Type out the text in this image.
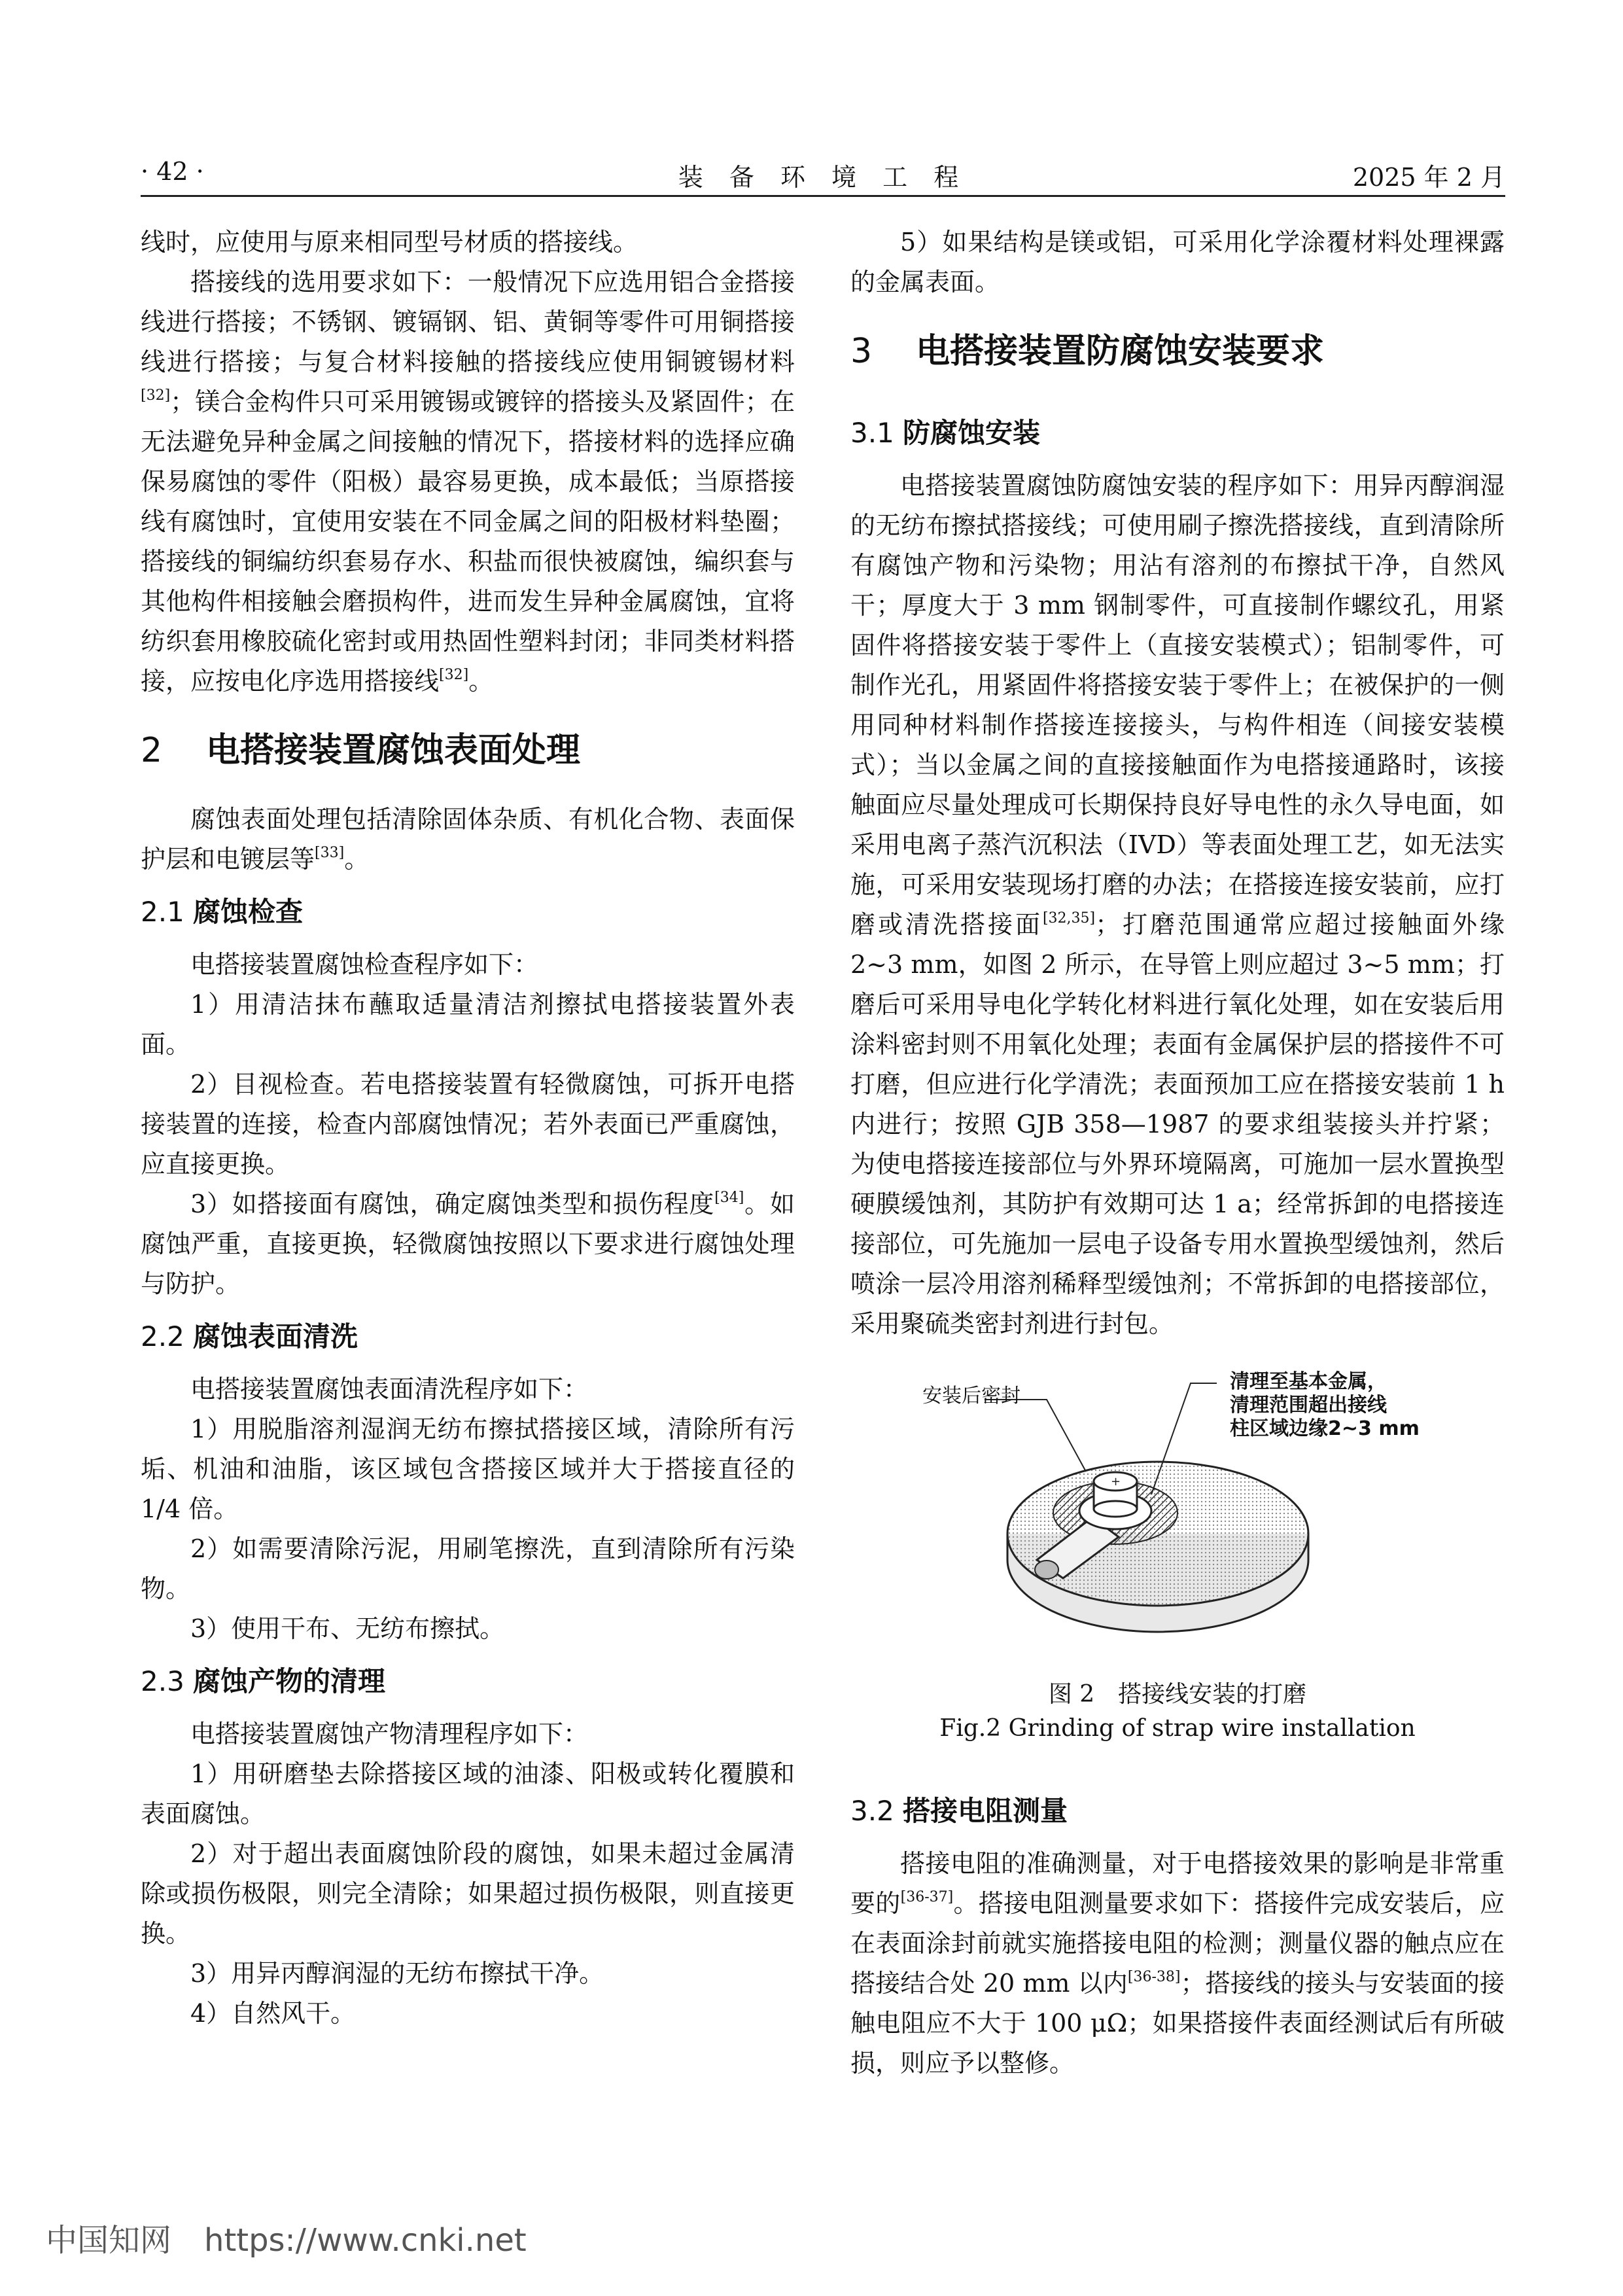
· 42 ·	装 备 环 境 工 程	2025 年 2 月

线时，应使用与原来相同型号材质的搭接线。

搭接线的选用要求如下：一般情况下应选用铝合金搭接线进行搭接；不锈钢、镀镉钢、铝、黄铜等零件可用铜搭接线进行搭接；与复合材料接触的搭接线应使用铜镀锡材料[32]；镁合金构件只可采用镀锡或镀锌的搭接头及紧固件；在无法避免异种金属之间接触的情况下，搭接材料的选择应确保易腐蚀的零件（阳极）最容易更换，成本最低；当原搭接线有腐蚀时，宜使用安装在不同金属之间的阳极材料垫圈；搭接线的铜编纺织套易存水、积盐而很快被腐蚀，编织套与其他构件相接触会磨损构件，进而发生异种金属腐蚀，宜将纺织套用橡胶硫化密封或用热固性塑料封闭；非同类材料搭接，应按电化序选用搭接线[32]。

2 电搭接装置腐蚀表面处理

腐蚀表面处理包括清除固体杂质、有机化合物、表面保护层和电镀层等[33]。

2.1 腐蚀检查

电搭接装置腐蚀检查程序如下：

1）用清洁抹布蘸取适量清洁剂擦拭电搭接装置外表面。

2）目视检查。若电搭接装置有轻微腐蚀，可拆开电搭接装置的连接，检查内部腐蚀情况；若外表面已严重腐蚀，应直接更换。

3）如搭接面有腐蚀，确定腐蚀类型和损伤程度[34]。如腐蚀严重，直接更换，轻微腐蚀按照以下要求进行腐蚀处理与防护。

2.2 腐蚀表面清洗

电搭接装置腐蚀表面清洗程序如下：

1）用脱脂溶剂湿润无纺布擦拭搭接区域，清除所有污垢、机油和油脂，该区域包含搭接区域并大于搭接直径的 1/4 倍。

2）如需要清除污泥，用刷笔擦洗，直到清除所有污染物。

3）使用干布、无纺布擦拭。

2.3 腐蚀产物的清理

电搭接装置腐蚀产物清理程序如下：

1）用研磨垫去除搭接区域的油漆、阳极或转化覆膜和表面腐蚀。

2）对于超出表面腐蚀阶段的腐蚀，如果未超过金属清除或损伤极限，则完全清除；如果超过损伤极限，则直接更换。

3）用异丙醇润湿的无纺布擦拭干净。

4）自然风干。

5）如果结构是镁或铝，可采用化学涂覆材料处理裸露的金属表面。

3 电搭接装置防腐蚀安装要求
3.1 防腐蚀安装

电搭接装置腐蚀防腐蚀安装的程序如下：用异丙醇润湿的无纺布擦拭搭接线；可使用刷子擦洗搭接线，直到清除所有腐蚀产物和污染物；用沾有溶剂的布擦拭干净，自然风干；厚度大于 3 mm 钢制零件，可直接制作螺纹孔，用紧固件将搭接安装于零件上（直接安装模式）；铝制零件，可制作光孔，用紧固件将搭接安装于零件上；在被保护的一侧用同种材料制作搭接连接接头，与构件相连（间接安装模式）；当以金属之间的直接接触面作为电搭接通路时，该接触面应尽量处理成可长期保持良好导电性的永久导电面，如采用电离子蒸汽沉积法（IVD）等表面处理工艺，如无法实施，可采用安装现场打磨的办法；在搭接连接安装前，应打磨或清洗搭接面[32,35]；打磨范围通常应超过接触面外缘 2~3 mm，如图 2 所示，在导管上则应超过 3~5 mm；打磨后可采用导电化学转化材料进行氧化处理，如在安装后用涂料密封则不用氧化处理；表面有金属保护层的搭接件不可打磨，但应进行化学清洗；表面预加工应在搭接安装前 1 h 内进行；按照 GJB 358—1987 的要求组装接头并拧紧；为使电搭接连接部位与外界环境隔离，可施加一层水置换型硬膜缓蚀剂，其防护有效期可达 1 a；经常拆卸的电搭接连接部位，可先施加一层电子设备专用水置换型缓蚀剂，然后喷涂一层冷用溶剂稀释型缓蚀剂；不常拆卸的电搭接部位，采用聚硫类密封剂进行封包。

+
安装后密封
清理至基本金属，
清理范围超出接线
柱区域边缘2~3 mm
图 2　搭接线安装的打磨
Fig.2 Grinding of strap wire installation
3.2 搭接电阻测量

搭接电阻的准确测量，对于电搭接效果的影响是非常重要的[36-37]。搭接电阻测量要求如下：搭接件完成安装后，应在表面涂封前就实施搭接电阻的检测；测量仪器的触点应在搭接结合处 20 mm 以内[36-38]；搭接线的接头与安装面的接触电阻应不大于 100 μΩ；如果搭接件表面经测试后有所破损，则应予以整修。

中国知网 https://www.cnki.net
